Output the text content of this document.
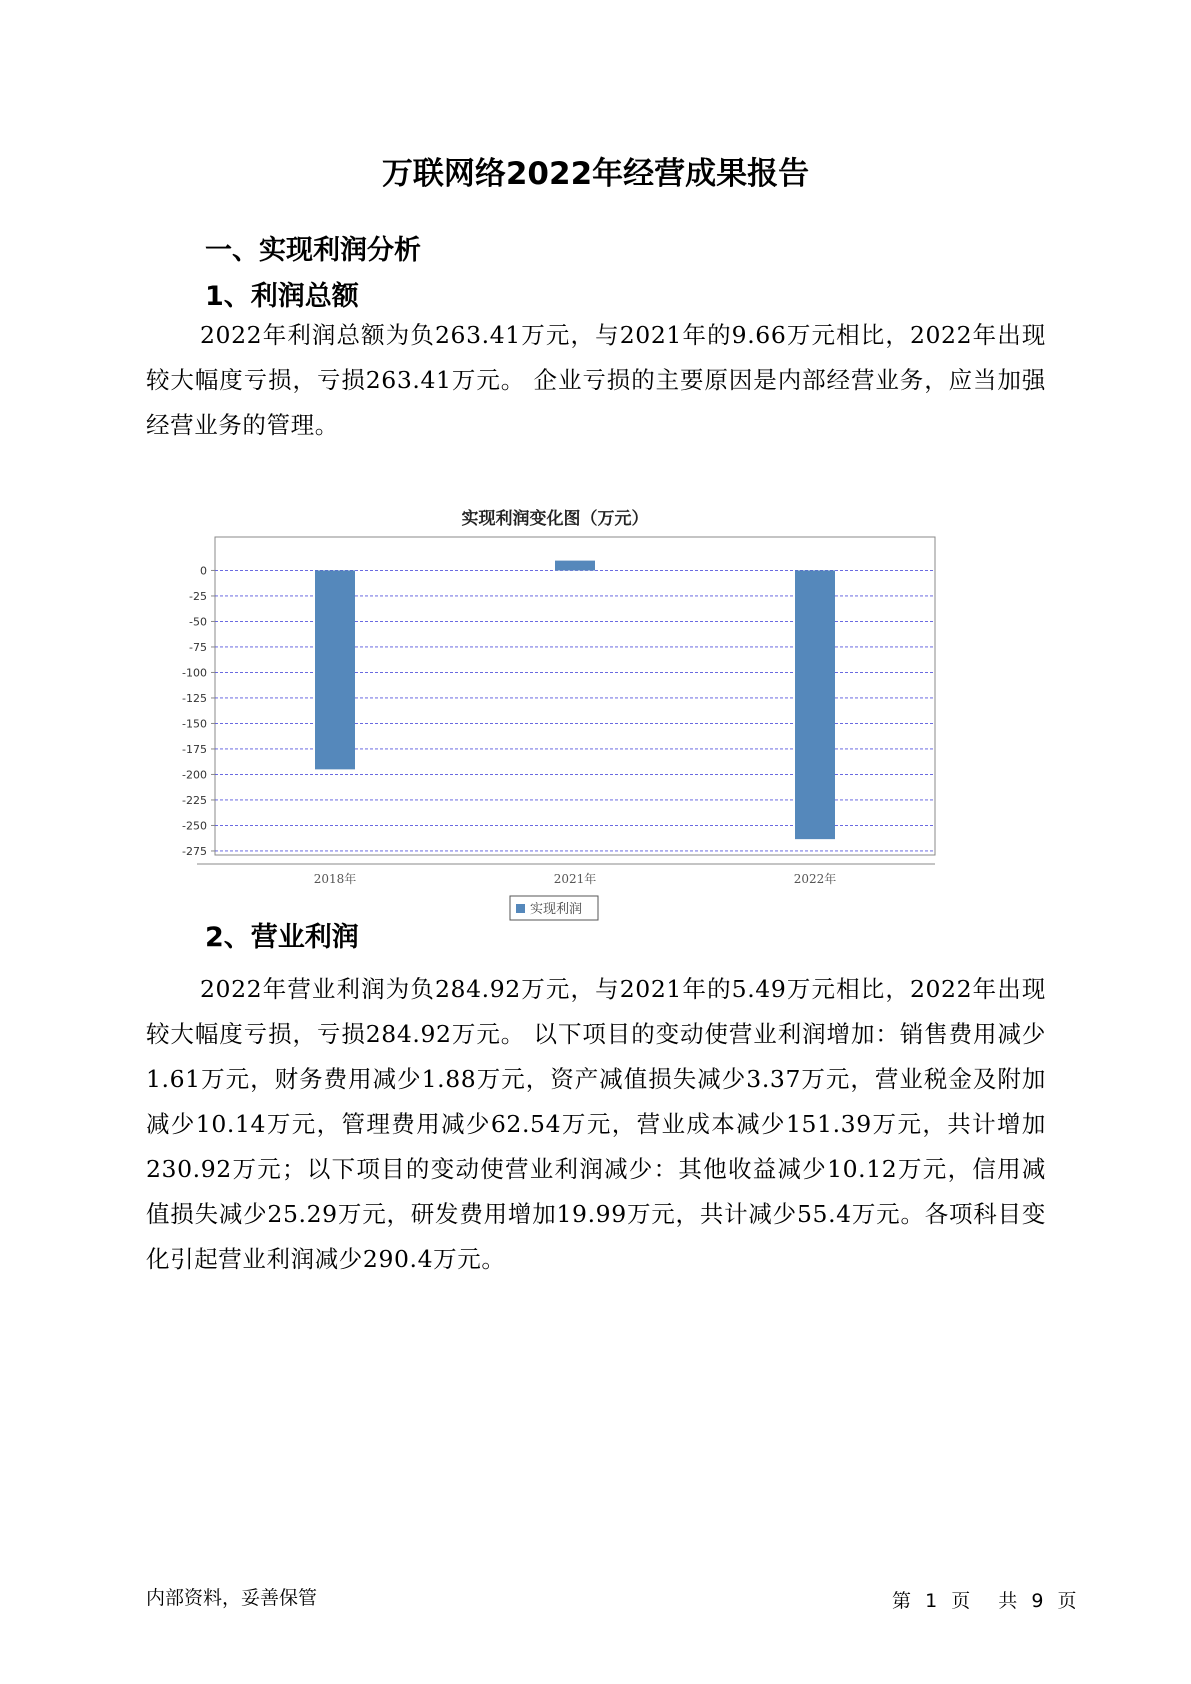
万联网络2022年经营成果报告
一、实现利润分析
1、利润总额
2022年利润总额为负263.41万元，与2021年的9.66万元相比，2022年出现较大幅度亏损，亏损263.41万元。 企业亏损的主要原因是内部经营业务，应当加强经营业务的管理。
实现利润变化图（万元）
0
-25
-50
-75
-100
-125
-150
-175
-200
-225
-250
-275
2018年	2021年	2022年
实现利润
2、营业利润
2022年营业利润为负284.92万元，与2021年的5.49万元相比，2022年出现较大幅度亏损，亏损284.92万元。 以下项目的变动使营业利润增加：销售费用减少1.61万元，财务费用减少1.88万元，资产减值损失减少3.37万元，营业税金及附加减少10.14万元，管理费用减少62.54万元，营业成本减少151.39万元，共计增加230.92万元；以下项目的变动使营业利润减少：其他收益减少10.12万元，信用减值损失减少25.29万元，研发费用增加19.99万元，共计减少55.4万元。各项科目变化引起营业利润减少290.4万元。
内部资料，妥善保管	第 1 页 共 9 页
